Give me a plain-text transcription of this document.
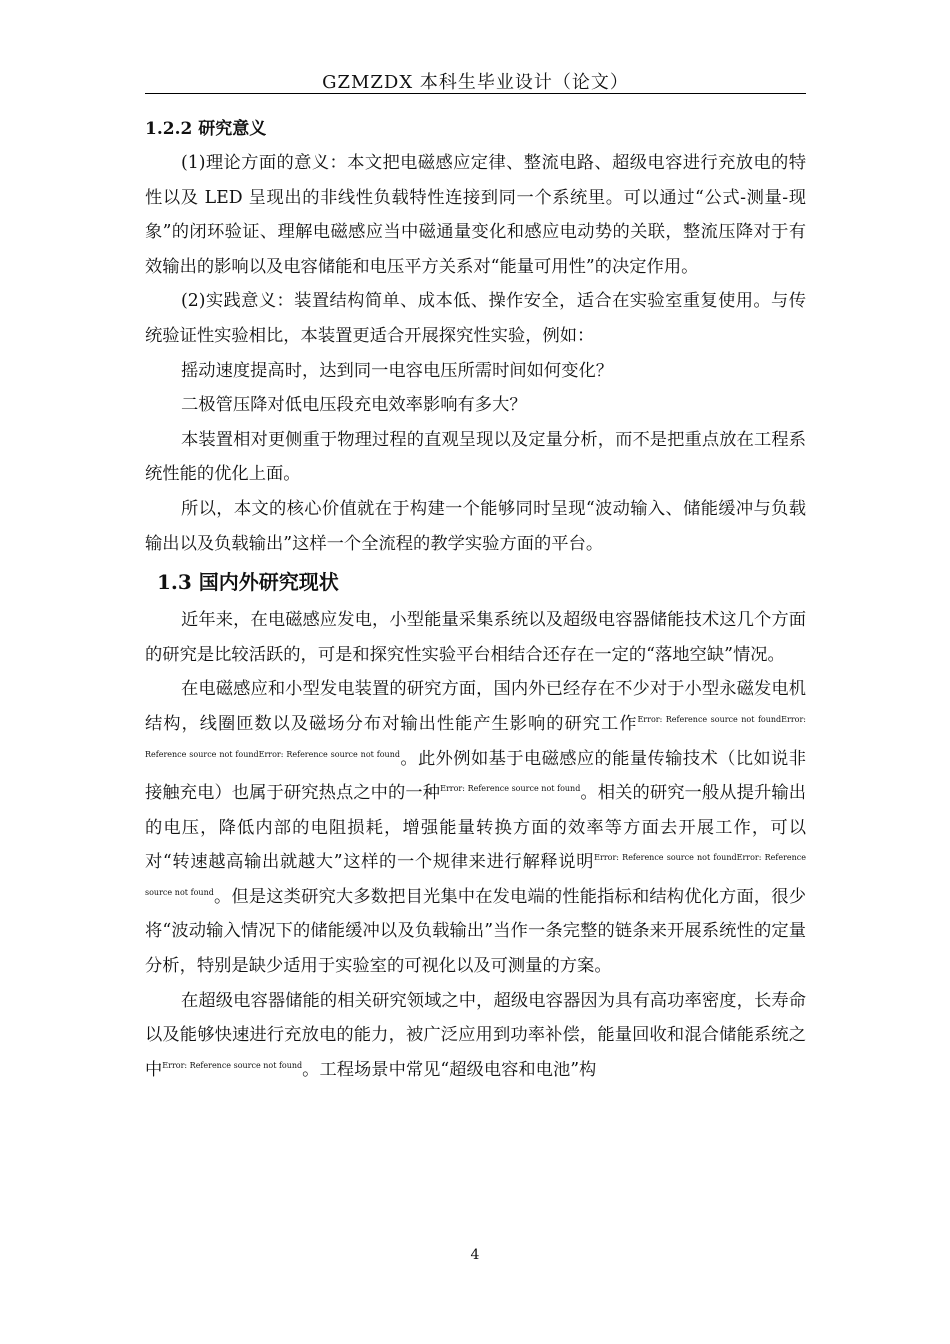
GZMZDX 本科生毕业设计（论文）

1.2.2 研究意义

(1)理论方面的意义：本文把电磁感应定律、整流电路、超级电容进行充放电的特性以及 LED 呈现出的非线性负载特性连接到同一个系统里。可以通过“公式-测量-现象”的闭环验证、理解电磁感应当中磁通量变化和感应电动势的关联，整流压降对于有效输出的影响以及电容储能和电压平方关系对“能量可用性”的决定作用。

(2)实践意义：装置结构简单、成本低、操作安全，适合在实验室重复使用。与传统验证性实验相比，本装置更适合开展探究性实验，例如：

摇动速度提高时，达到同一电容电压所需时间如何变化？

二极管压降对低电压段充电效率影响有多大？

本装置相对更侧重于物理过程的直观呈现以及定量分析，而不是把重点放在工程系统性能的优化上面。

所以，本文的核心价值就在于构建一个能够同时呈现“波动输入、储能缓冲与负载输出以及负载输出”这样一个全流程的教学实验方面的平台。

1.3 国内外研究现状

近年来，在电磁感应发电，小型能量采集系统以及超级电容器储能技术这几个方面的研究是比较活跃的，可是和探究性实验平台相结合还存在一定的“落地空缺”情况。

在电磁感应和小型发电装置的研究方面，国内外已经存在不少对于小型永磁发电机结构，线圈匝数以及磁场分布对输出性能产生影响的研究工作$^{Error: Reference source not foundError: Reference source not foundError: Reference source not found}$。此外例如基于电磁感应的能量传输技术（比如说非接触充电）也属于研究热点之中的一种$^{Error: Reference source not found}$。相关的研究一般从提升输出的电压，降低内部的电阻损耗，增强能量转换方面的效率等方面去开展工作，可以对“转速越高输出就越大”这样的一个规律来进行解释说明$^{Error: Reference source not foundError: Reference source not found}$。但是这类研究大多数把目光集中在发电端的性能指标和结构优化方面，很少将“波动输入情况下的储能缓冲以及负载输出”当作一条完整的链条来开展系统性的定量分析，特别是缺少适用于实验室的可视化以及可测量的方案。

在超级电容器储能的相关研究领域之中，超级电容器因为具有高功率密度，长寿命以及能够快速进行充放电的能力，被广泛应用到功率补偿，能量回收和混合储能系统之中$^{Error: Reference source not found}$。工程场景中常见“超级电容和电池”构

4
